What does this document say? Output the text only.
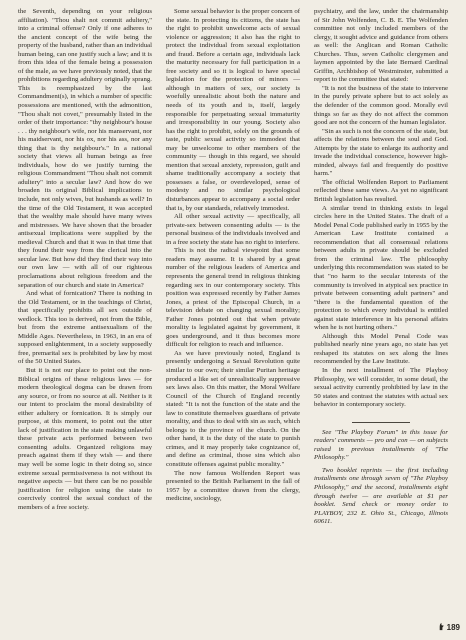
the Seventh, depending on your religious affiliation). "Thou shalt not commit adultery," into a criminal offense? Only if one adheres to the ancient concept of the wife being the property of the husband, rather than an individual human being, can one justify such a law; and it is from this idea of the female being a possession of the male, as we have previously noted, that the prohibitions regarding adultery originally sprang. This is reemphasized by the last Commandment(s), in which a number of specific possessions are mentioned, with the admonition, "Thou shalt not covet," presumably listed in the order of their importance: "thy neighbour's house . . . thy neighbour's wife, nor his manservant, nor his maidservant, nor his ox, nor his ass, nor any thing that is thy neighbour's." In a rational society that views all human beings as free individuals, how do we justify turning the religious Commandment "Thou shalt not commit adultery" into a secular law? And how do we broaden its original Biblical implications to include, not only wives, but husbands as well? In the time of the Old Testament, it was accepted that the wealthy male should have many wives and mistresses. We have shown that the broader antisexual implications were supplied by the medieval Church and that it was in that time that they found their way from the clerical into the secular law. But how did they find their way into our own law — with all of our righteous proclamations about religious freedom and the separation of our church and state in America?

And what of fornication? There is nothing in the Old Testament, or in the teachings of Christ, that specifically prohibits all sex outside of wedlock. This too is derived, not from the Bible, but from the extreme antisexualism of the Middle Ages. Nevertheless, in 1963, in an era of supposed enlightenment, in a society supposedly free, premarital sex is prohibited by law by most of the 50 United States.

But it is not our place to point out the non-Biblical origins of these religious laws — for modern theological dogma can be drawn from any source, or from no source at all. Neither is it our intent to proclaim the moral desirability of either adultery or fornication. It is simply our purpose, at this moment, to point out the utter lack of justification in the state making unlawful these private acts performed between two consenting adults. Organized religions may preach against them if they wish — and there may well be some logic in their doing so, since extreme sexual permissiveness is not without its negative aspects — but there can be no possible justification for religion using the state to coercively control the sexual conduct of the members of a free society.

Some sexual behavior is the proper concern of the state. In protecting its citizens, the state has the right to prohibit unwelcome acts of sexual violence or aggression; it also has the right to protect the individual from sexual exploitation and fraud. Before a certain age, individuals lack the maturity necessary for full participation in a free society and so it is logical to have special legislation for the protection of minors — although in matters of sex, our society is woefully unrealistic about both the nature and needs of its youth and is, itself, largely responsible for perpetuating sexual immaturity and irresponsibility in our young. Society also has the right to prohibit, solely on the grounds of taste, public sexual activity so immodest that may be unwelcome to other members of the community — though in this regard, we should mention that sexual anxiety, repression, guilt and shame traditionally accompany a society that possesses a false, or overdeveloped, sense of modesty and no similar psychological disturbances appear to accompany a social order that is, by our standards, relatively immodest.

All other sexual activity — specifically, all private-sex between consenting adults — is the personal business of the individuals involved and in a free society the state has no right to interfere.

This is not the radical viewpoint that some readers may assume. It is shared by a great number of the religious leaders of America and represents the general trend in religious thinking regarding sex in our contemporary society. This position was expressed recently by Father James Jones, a priest of the Episcopal Church, in a television debate on changing sexual morality; Father Jones pointed out that when private morality is legislated against by government, it goes underground, and it thus becomes more difficult for religion to reach and influence.

As we have previously noted, England is presently undergoing a Sexual Revolution quite similar to our own; their similar Puritan heritage produced a like set of unrealistically suppressive sex laws also. On this matter, the Moral Welfare Council of the Church of England recently stated: "It is not the function of the state and the law to constitute themselves guardians of private morality, and thus to deal with sin as such, which belongs to the province of the church. On the other hand, it is the duty of the state to punish crimes, and it may properly take cognizance of, and define as criminal, those sins which also constitute offenses against public morality."

The now famous Wolfenden Report was presented to the British Parliament in the fall of 1957 by a committee drawn from the clergy, medicine, sociology,

psychiatry, and the law, under the chairmanship of Sir John Wolfenden, C. B. E. The Wolfenden committee not only included members of the clergy, it sought advice and guidance from others as well: the Anglican and Roman Catholic Churches. Thus, seven Catholic clergymen and laymen appointed by the late Bernard Cardinal Griffin, Archbishop of Westminster, submitted a report to the committee that stated:

"It is not the business of the state to intervene in the purely private sphere but to act solely as the defender of the common good. Morally evil things so far as they do not affect the common good are not the concern of the human legislator.

"Sin as such is not the concern of the state, but affects the relations between the soul and God. Attempts by the state to enlarge its authority and invade the individual conscience, however high-minded, always fail and frequently do positive harm."

The official Wolfenden Report to Parliament reflected these same views. As yet no significant British legislation has resulted.

A similar trend in thinking exists in legal circles here in the United States. The draft of a Model Penal Code published early in 1955 by the American Law Institute contained a recommendation that all consensual relations between adults in private should be excluded from the criminal law. The philosophy underlying this recommendation was stated to be that "no harm to the secular interests of the community is involved in atypical sex practice in private between consenting adult partners" and "there is the fundamental question of the protection to which every individual is entitled against state interference in his personal affairs when he is not hurting others."

Although this Model Penal Code was published nearly nine years ago, no state has yet reshaped its statutes on sex along the lines recommended by the Law Institute.

In the next installment of The Playboy Philosophy, we will consider, in some detail, the sexual activity currently prohibited by law in the 50 states and contrast the statutes with actual sex behavior in contemporary society.

See "The Playboy Forum" in this issue for readers' comments — pro and con — on subjects raised in previous installments of "The Philosophy."

Two booklet reprints — the first including installments one through seven of "The Playboy Philosophy," and the second, installments eight through twelve — are available at $1 per booklet. Send check or money order to PLAYBOY, 232 E. Ohio St., Chicago, Illinois 60611.

189
